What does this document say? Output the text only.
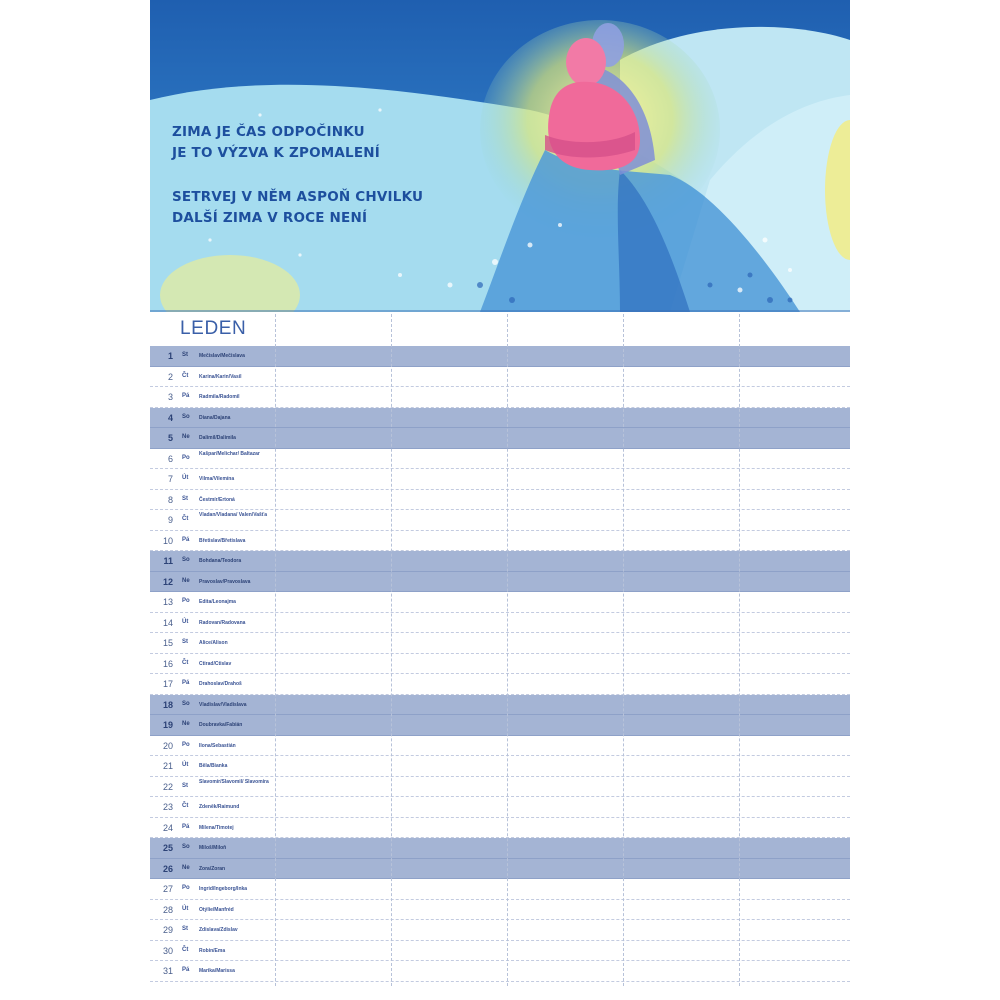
ZIMA JE ČAS ODPOČINKU
JE TO VÝZVA K ZPOMALENÍ
SETRVEJ V NĚM ASPOŇ CHVILKU
DALŠÍ ZIMA V ROCE NENÍ
LEDEN
1 St Mečislav/Mečislava
2 Čt Karina/Karin/Vasil
3 Pá Radmila/Radomil
4 So Diana/Dajana
5 Ne Dalimil/Dalimila
6 Po
Kašpar/Melichar/ Baltazar
7 Út Vilma/Vilemína
8 St Čestmír/Ertoná
9 Čt
Vladan/Vladana/ Valen/Vašťa
10 Pá Břetislav/Břetislava
11 So Bohdana/Teodora
12 Ne Pravoslav/Pravoslava
13 Po Edita/Leonajma
14 Út Radovan/Radovana
15 St Alice/Alison
16 Čt Ctirad/Ctislav
17 Pá Drahoslav/Drahoš
18 So Vladislav/Vladislava
19 Ne Doubravka/Fabián
20 Po Ilona/Sebastián
21 Út Běla/Bianka
22 St
Slavomír/Slavomil/ Slavomíra
23 Čt Zdeněk/Raimund
24 Pá Milena/Timotej
25 So Miloš/Miloň
26 Ne Zora/Zoran
27 Po Ingrid/Ingeborg/Inka
28 Út Otýlie/Manfréd
29 St Zdislava/Zdislav
30 Čt Robin/Ema
31 Pá Marika/Marissa
